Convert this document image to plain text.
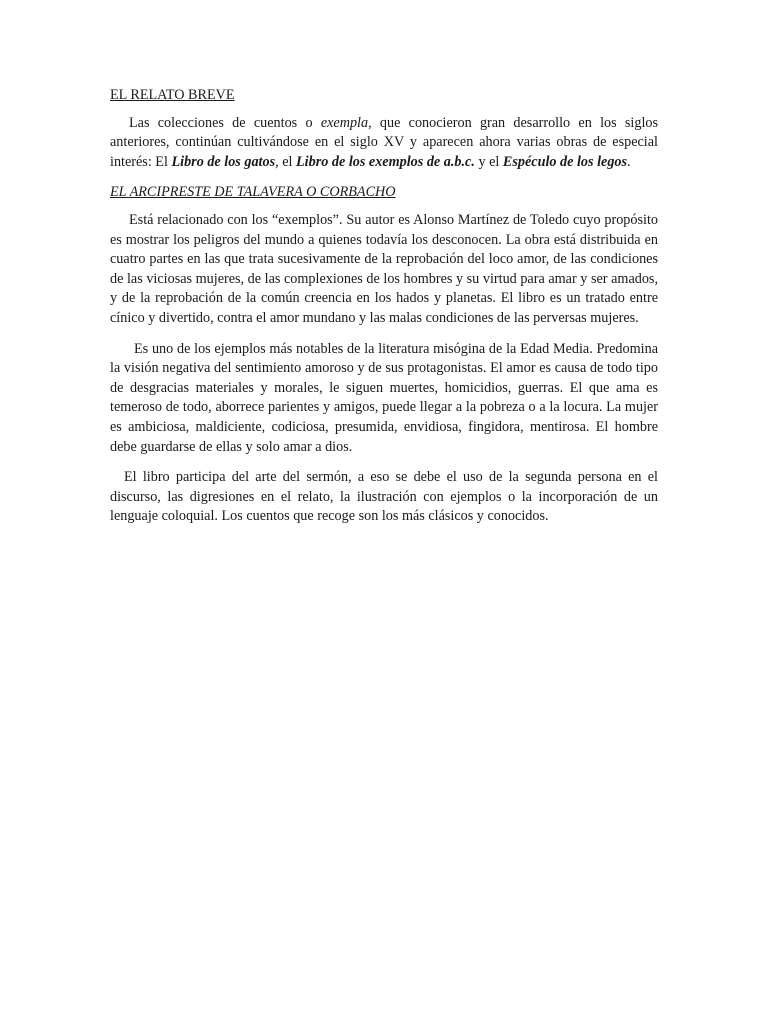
EL RELATO BREVE

Las colecciones de cuentos o exempla, que conocieron gran desarrollo en los siglos anteriores, continúan cultivándose en el siglo XV y aparecen ahora varias obras de especial interés: El Libro de los gatos, el Libro de los exemplos de a.b.c. y el Espéculo de los legos.

EL ARCIPRESTE DE TALAVERA O CORBACHO

Está relacionado con los “exemplos”. Su autor es Alonso Martínez de Toledo cuyo propósito es mostrar los peligros del mundo a quienes todavía los desconocen. La obra está distribuida en cuatro partes en las que trata sucesivamente de la reprobación del loco amor, de las condiciones de las viciosas mujeres, de las complexiones de los hombres y su virtud para amar y ser amados, y de la reprobación de la común creencia en los hados y planetas. El libro es un tratado entre cínico y divertido, contra el amor mundano y las malas condiciones de las perversas mujeres.

Es uno de los ejemplos más notables de la literatura misógina de la Edad Media. Predomina la visión negativa del sentimiento amoroso y de sus protagonistas. El amor es causa de todo tipo de desgracias materiales y morales, le siguen muertes, homicidios, guerras. El que ama es temeroso de todo, aborrece parientes y amigos, puede llegar a la pobreza o a la locura. La mujer es ambiciosa, maldiciente, codiciosa, presumida, envidiosa, fingidora, mentirosa. El hombre debe guardarse de ellas y solo amar a dios.

El libro participa del arte del sermón, a eso se debe el uso de la segunda persona en el discurso, las digresiones en el relato, la ilustración con ejemplos o la incorporación de un lenguaje coloquial. Los cuentos que recoge son los más clásicos y conocidos.
